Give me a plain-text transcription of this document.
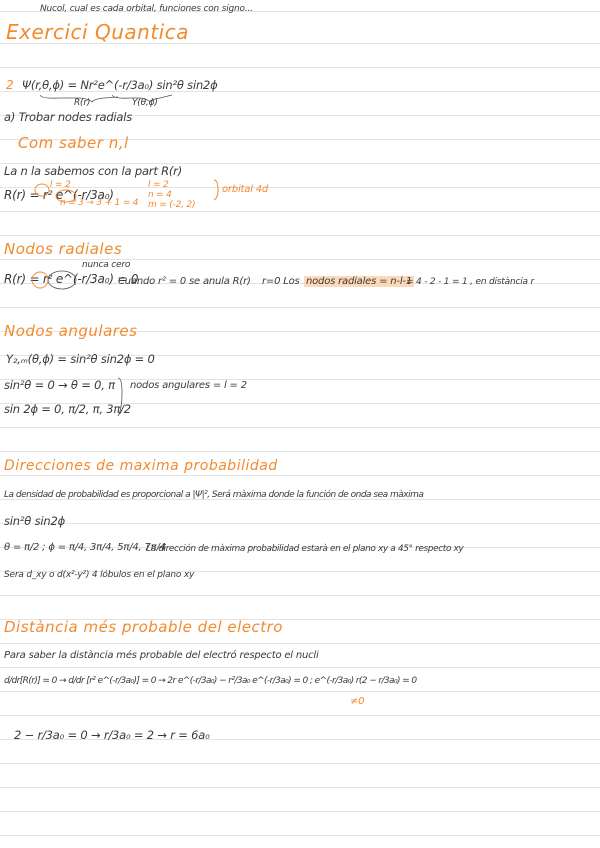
Nucol, cual es cada orbital, funciones con signo...
Exercici Quantica
2 Ψ(r,θ,ϕ) = Nr²e^(-r/3a₀) sin²θ sin2ϕ
R(r)	Y(θ,ϕ)
a) Trobar nodes radials
Com saber n,l
La n la sabemos con la part R(r)
R(r) = r² e^(-r/3a₀)
l = 2
n = 3 → 3 + 1 = 4
l = 2
n = 4
m = (-2, 2)
orbital 4d
Nodos radiales
nunca cero
R(r) = r² e^(-r/3a₀) = 0
Cuando r² = 0 se anula R(r) r=0 Los nodos radiales = n-l-1
= 4 - 2 - 1 = 1 , en distància r
Nodos angulares
Y₂,ₘ(θ,ϕ) = sin²θ sin2ϕ = 0
sin²θ = 0 → θ = 0, π nodos angulares = l = 2
sin 2ϕ = 0, π/2, π, 3π/2
Direcciones de maxima probabilidad
La densidad de probabilidad es proporcional a |Ψ|², Será màxima donde la función de onda sea màxima
sin²θ sin2ϕ
θ = π/2 ; ϕ = π/4, 3π/4, 5π/4, 7π/4
La dirección de màxima probabilidad estarà en el plano xy a 45° respecto xy
Sera d_xy o d(x²-y²) 4 lóbulos en el plano xy
Distància més probable del electro
Para saber la distància més probable del electró respecto el nucli
d/dr[R(r)] = 0 → d/dr [r² e^(-r/3a₀)] = 0 → 2r e^(-r/3a₀) − r²/3a₀ e^(-r/3a₀) = 0 ; e^(-r/3a₀) r(2 − r/3a₀) = 0
≠0
2 − r/3a₀ = 0 → r/3a₀ = 2 → r = 6a₀
